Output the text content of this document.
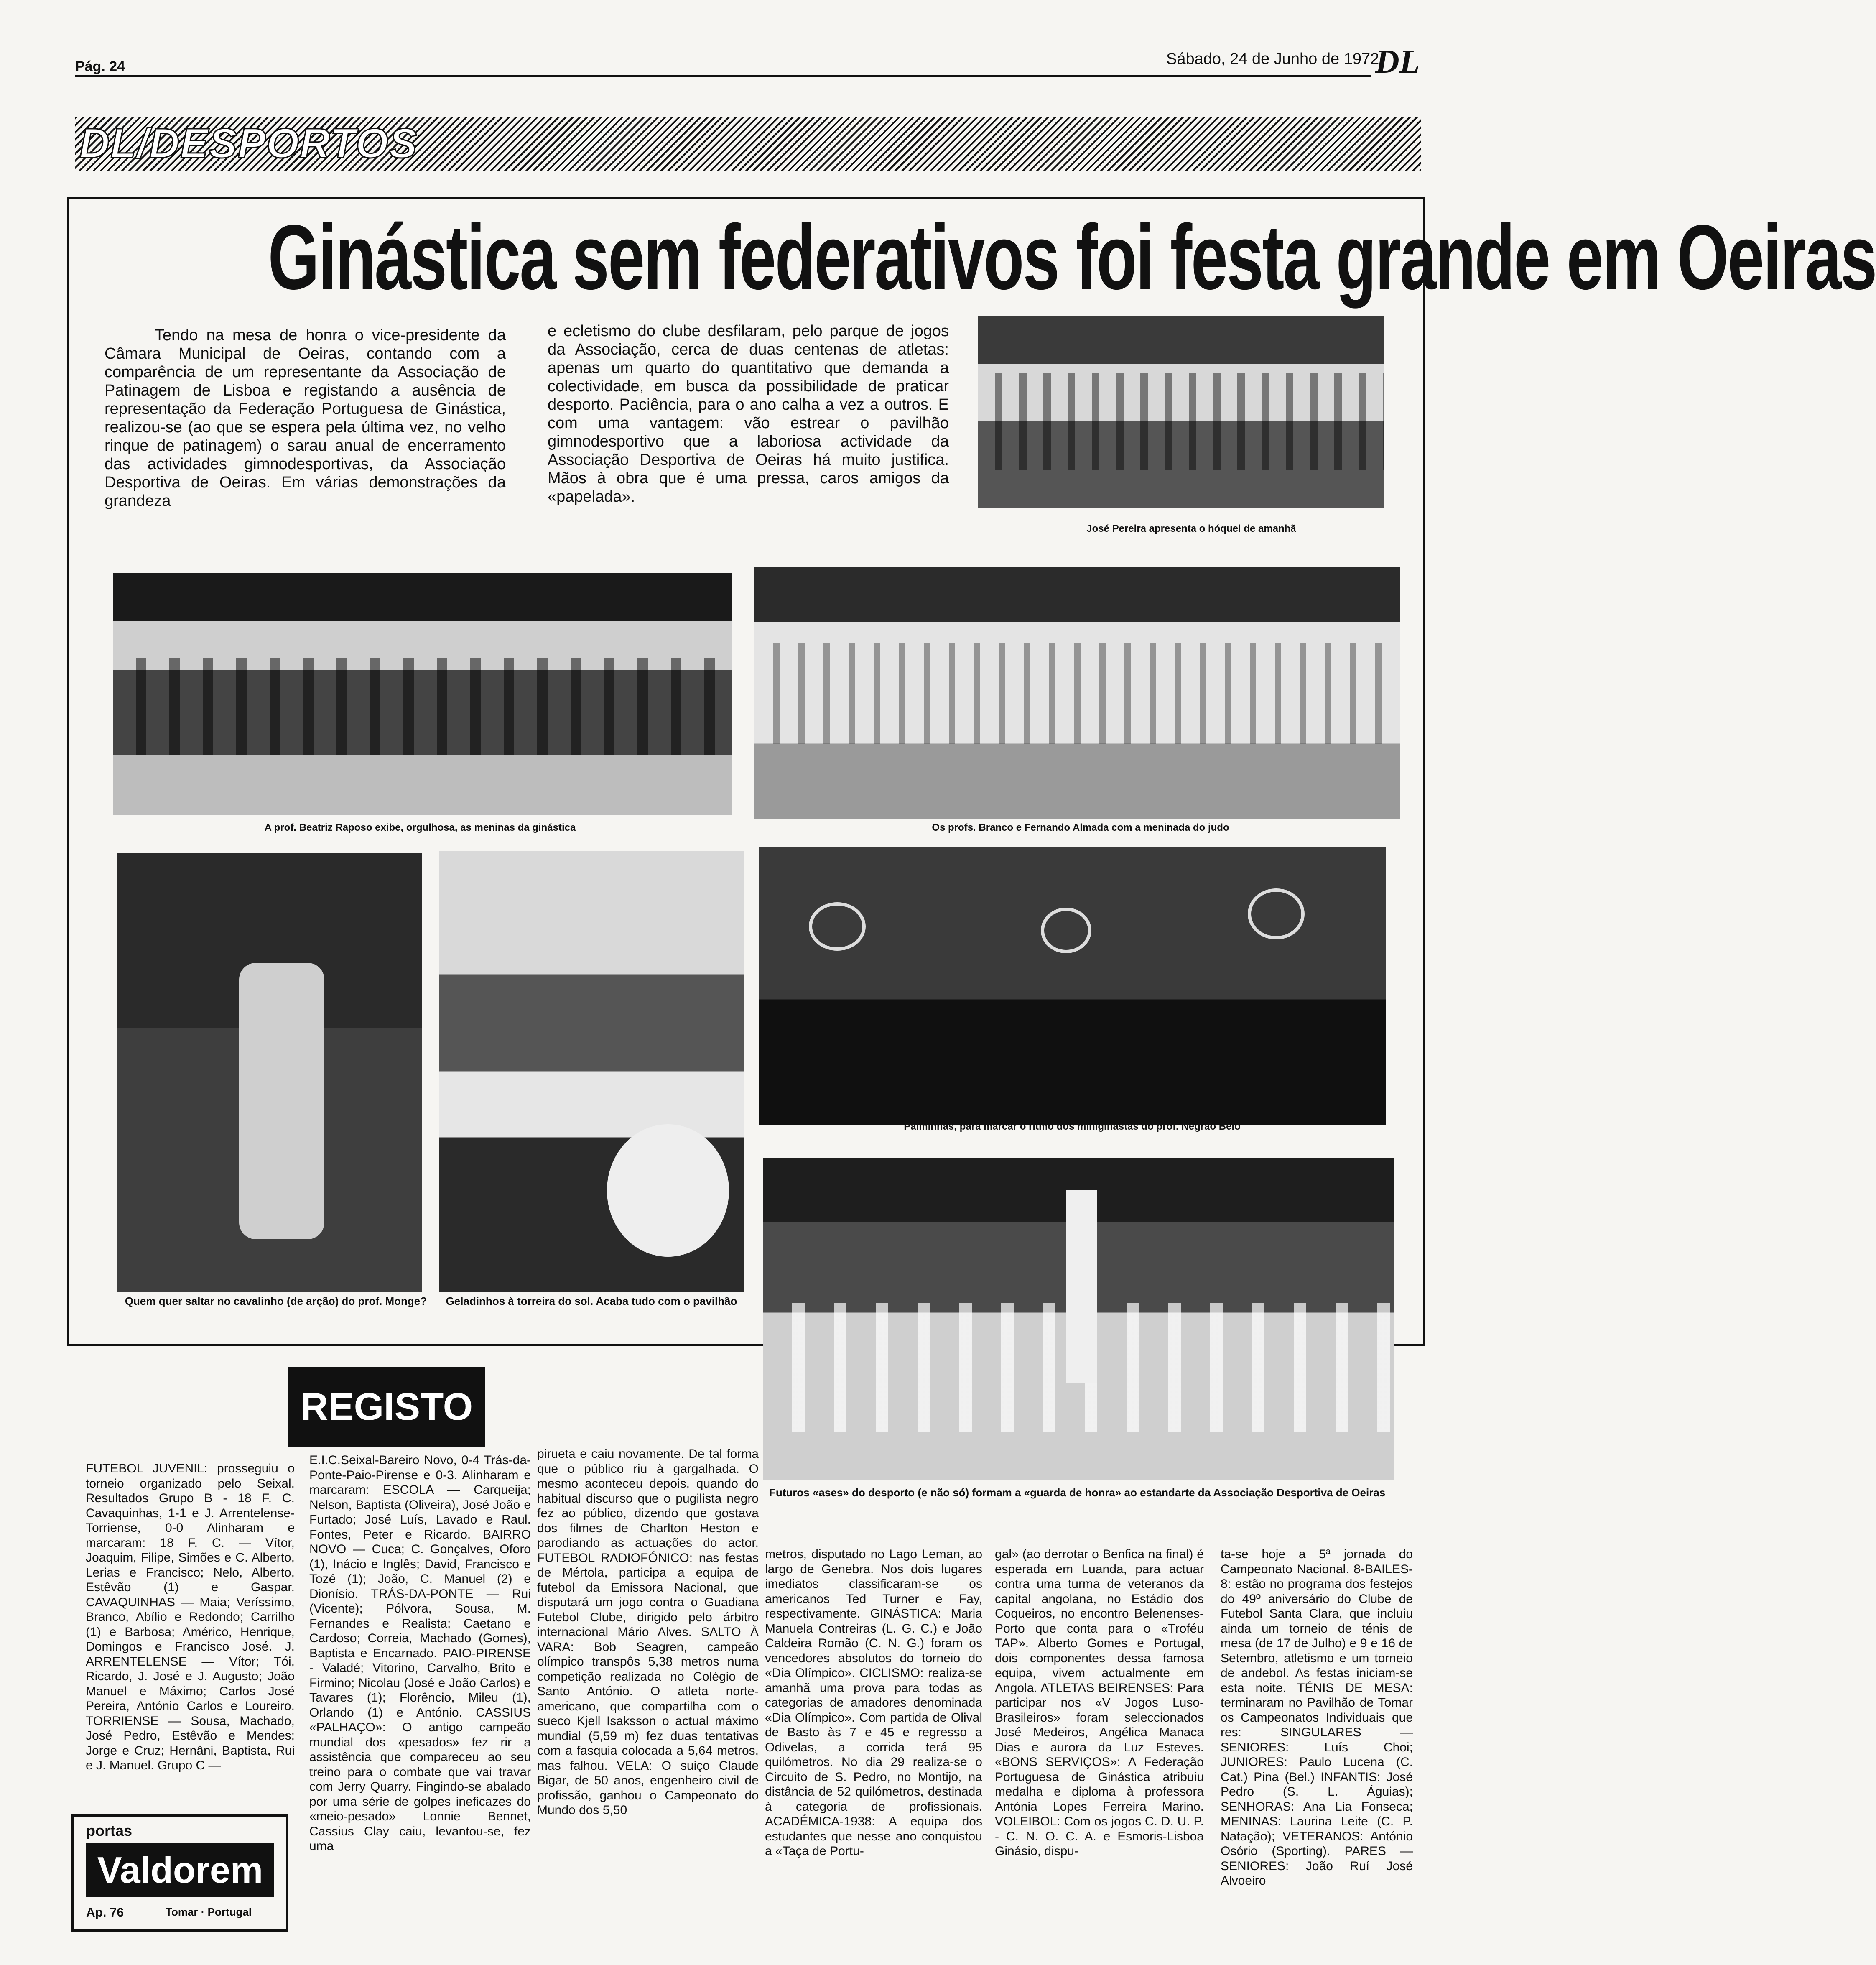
Pág. 24	Sábado, 24 de Junho de 1972
DL
DL/DESPORTOS
Ginástica sem federativos foi festa grande em Oeiras
Tendo na mesa de honra o vice-presidente da Câmara Municipal de Oeiras, contando com a comparência de um representante da Associação de Patinagem de Lisboa e registando a ausência de representação da Federação Portuguesa de Ginástica, realizou-se (ao que se espera pela última vez, no velho rinque de patinagem) o sarau anual de encerramento das actividades gimnodesportivas, da Associação Desportiva de Oeiras. Em várias demonstrações da grandeza
e ecletismo do clube desfilaram, pelo parque de jogos da Associação, cerca de duas centenas de atletas: apenas um quarto do quantitativo que demanda a colectividade, em busca da possibilidade de praticar desporto. Paciência, para o ano calha a vez a outros. E com uma vantagem: vão estrear o pavilhão gimnodesportivo que a laboriosa actividade da Associação Desportiva de Oeiras há muito justifica. Mãos à obra que é uma pressa, caros amigos da «papelada».
José Pereira apresenta o hóquei de amanhã
A prof. Beatriz Raposo exibe, orgulhosa, as meninas da ginástica	Os profs. Branco e Fernando Almada com a meninada do judo
Quem quer saltar no cavalinho (de arção) do prof. Monge?	Geladinhos à torreira do sol. Acaba tudo com o pavilhão
Palminhas, para marcar o ritmo dos miniginastas do prof. Negrão Belo
Futuros «ases» do desporto (e não só) formam a «guarda de honra» ao estandarte da Associação Desportiva de Oeiras
REGISTO
FUTEBOL JUVENIL: prosseguiu o torneio organizado pelo Seixal. Resultados Grupo B - 18 F. C. Cavaquinhas, 1-1 e J. Arrentelense-Torriense, 0-0 Alinharam e marcaram: 18 F. C. — Vítor, Joaquim, Filipe, Simões e C. Alberto, Lerias e Francisco; Nelo, Alberto, Estêvão (1) e Gaspar. CAVAQUINHAS — Maia; Veríssimo, Branco, Abílio e Redondo; Carrilho (1) e Barbosa; Américo, Henrique, Domingos e Francisco José. J. ARRENTELENSE — Vítor; Tói, Ricardo, J. José e J. Augusto; João Manuel e Máximo; Carlos José Pereira, António Carlos e Loureiro. TORRIENSE — Sousa, Machado, José Pedro, Estêvão e Mendes; Jorge e Cruz; Hernâni, Baptista, Rui e J. Manuel. Grupo C —
E.I.C.Seixal-Bareiro Novo, 0-4 Trás-da-Ponte-Paio-Pirense e 0-3. Alinharam e marcaram: ESCOLA — Carqueija; Nelson, Baptista (Oliveira), José João e Furtado; José Luís, Lavado e Raul. Fontes, Peter e Ricardo. BAIRRO NOVO — Cuca; C. Gonçalves, Oforo (1), Inácio e Inglês; David, Francisco e Tozé (1); João, C. Manuel (2) e Dionísio. TRÁS-DA-PONTE — Rui (Vicente); Pólvora, Sousa, M. Fernandes e Realista; Caetano e Cardoso; Correia, Machado (Gomes), Baptista e Encarnado. PAIO-PIRENSE - Valadé; Vitorino, Carvalho, Brito e Firmino; Nicolau (José e João Carlos) e Tavares (1); Florêncio, Mileu (1), Orlando (1) e António. CASSIUS «PALHAÇO»: O antigo campeão mundial dos «pesados» fez rir a assistência que compareceu ao seu treino para o combate que vai travar com Jerry Quarry. Fingindo-se abalado por uma série de golpes ineficazes do «meio-pesado» Lonnie Bennet, Cassius Clay caiu, levantou-se, fez uma
pirueta e caiu novamente. De tal forma que o público riu à gargalhada. O mesmo aconteceu depois, quando do habitual discurso que o pugilista negro fez ao público, dizendo que gostava dos filmes de Charlton Heston e parodiando as actuações do actor. FUTEBOL RADIOFÓNICO: nas festas de Mértola, participa a equipa de futebol da Emissora Nacional, que disputará um jogo contra o Guadiana Futebol Clube, dirigido pelo árbitro internacional Mário Alves. SALTO À VARA: Bob Seagren, campeão olímpico transpôs 5,38 metros numa competição realizada no Colégio de Santo António. O atleta norte-americano, que compartilha com o sueco Kjell Isaksson o actual máximo mundial (5,59 m) fez duas tentativas com a fasquia colocada a 5,64 metros, mas falhou. VELA: O suiço Claude Bigar, de 50 anos, engenheiro civil de profissão, ganhou o Campeonato do Mundo dos 5,50
metros, disputado no Lago Leman, ao largo de Genebra. Nos dois lugares imediatos classificaram-se os americanos Ted Turner e Fay, respectivamente. GINÁSTICA: Maria Manuela Contreiras (L. G. C.) e João Caldeira Romão (C. N. G.) foram os vencedores absolutos do torneio do «Dia Olímpico». CICLISMO: realiza-se amanhã uma prova para todas as categorias de amadores denominada «Dia Olímpico». Com partida de Olival de Basto às 7 e 45 e regresso a Odivelas, a corrida terá 95 quilómetros. No dia 29 realiza-se o Circuito de S. Pedro, no Montijo, na distância de 52 quilómetros, destinada à categoria de profissionais. ACADÉMICA-1938: A equipa dos estudantes que nesse ano conquistou a «Taça de Portu-
gal» (ao derrotar o Benfica na final) é esperada em Luanda, para actuar contra uma turma de veteranos da capital angolana, no Estádio dos Coqueiros, no encontro Belenenses-Porto que conta para o «Troféu TAP». Alberto Gomes e Portugal, dois componentes dessa famosa equipa, vivem actualmente em Angola. ATLETAS BEIRENSES: Para participar nos «V Jogos Luso-Brasileiros» foram seleccionados José Medeiros, Angélica Manaca Dias e aurora da Luz Esteves. «BONS SERVIÇOS»: A Federação Portuguesa de Ginástica atribuiu medalha e diploma à professora Antónia Lopes Ferreira Marino. VOLEIBOL: Com os jogos C. D. U. P. - C. N. O. C. A. e Esmoris-Lisboa Ginásio, dispu-
ta-se hoje a 5ª jornada do Campeonato Nacional. 8-BAILES-8: estão no programa dos festejos do 49º aniversário do Clube de Futebol Santa Clara, que incluiu ainda um torneio de ténis de mesa (de 17 de Julho) e 9 e 16 de Setembro, atletismo e um torneio de andebol. As festas iniciam-se esta noite. TÉNIS DE MESA: terminaram no Pavilhão de Tomar os Campeonatos Individuais que res: SINGULARES — SENIORES: Luís Choi; JUNIORES: Paulo Lucena (C. Cat.) Pina (Bel.) INFANTIS: José Pedro (S. L. Águias); SENHORAS: Ana Lia Fonseca; MENINAS: Laurina Leite (C. P. Natação); VETERANOS: António Osório (Sporting). PARES — SENIORES: João Ruí José Alvoeiro
portas
Valdorem
Ap. 76	Tomar · Portugal
